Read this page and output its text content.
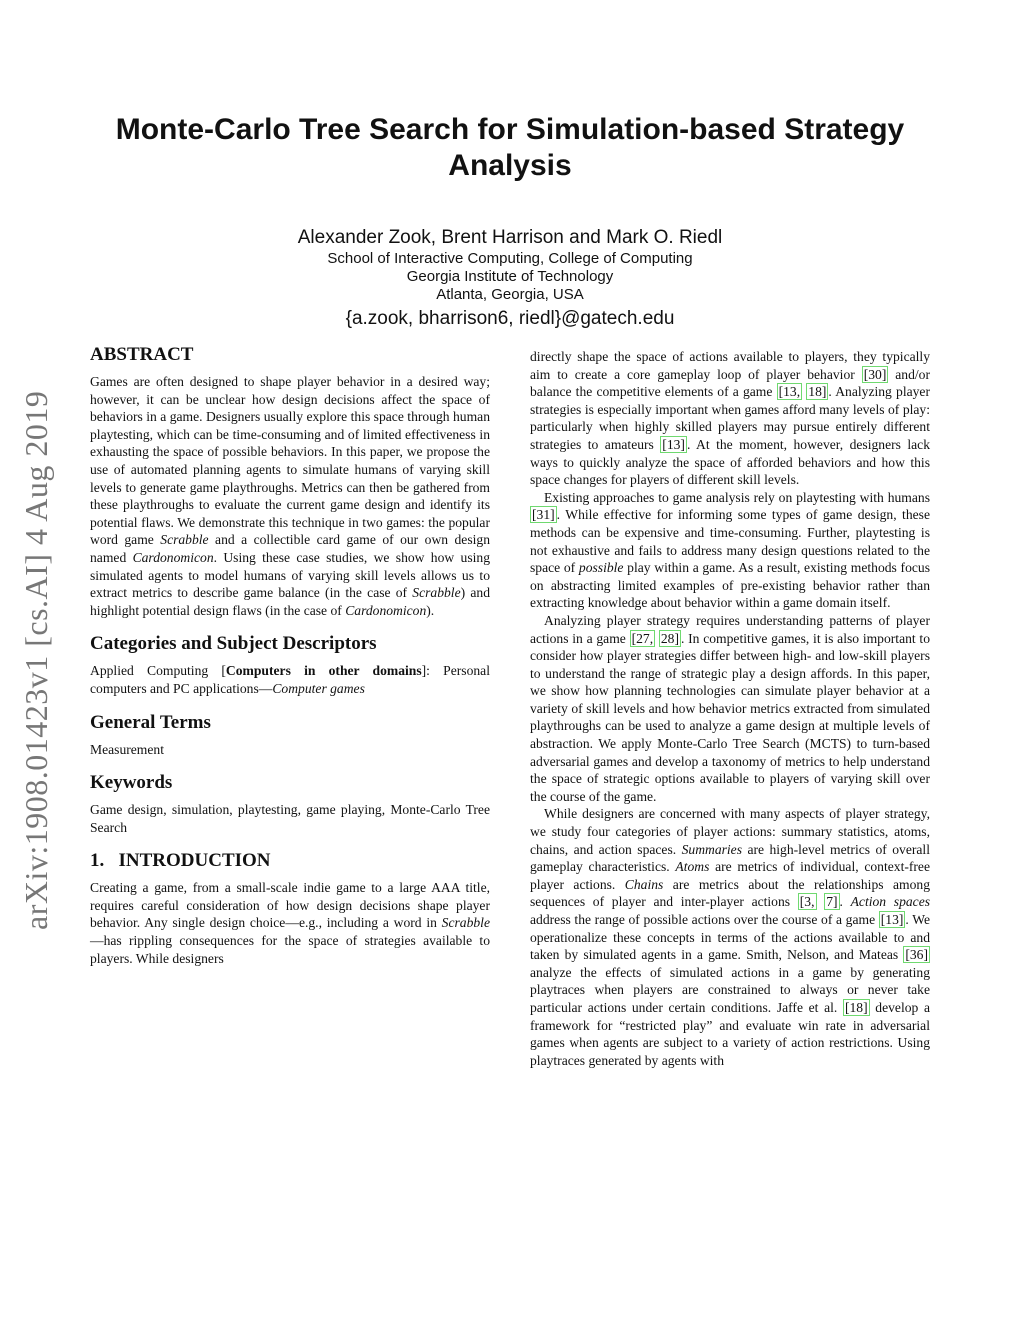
arXiv:1908.01423v1 [cs.AI] 4 Aug 2019
Monte-Carlo Tree Search for Simulation-based Strategy
Analysis
Alexander Zook, Brent Harrison and Mark O. Riedl
School of Interactive Computing, College of Computing
Georgia Institute of Technology
Atlanta, Georgia, USA
{a.zook, bharrison6, riedl}@gatech.edu
ABSTRACT

Games are often designed to shape player behavior in a desired way; however, it can be unclear how design decisions affect the space of behaviors in a game. Designers usually explore this space through human playtesting, which can be time-consuming and of limited effectiveness in exhausting the space of possible behaviors. In this paper, we propose the use of automated planning agents to simulate humans of varying skill levels to generate game playthroughs. Metrics can then be gathered from these playthroughs to evaluate the current game design and identify its potential flaws. We demonstrate this technique in two games: the popular word game Scrabble and a collectible card game of our own design named Cardonomicon. Using these case studies, we show how using simulated agents to model humans of varying skill levels allows us to extract metrics to describe game balance (in the case of Scrabble) and highlight potential design flaws (in the case of Cardonomicon).

Categories and Subject Descriptors

Applied Computing [Computers in other domains]: Personal computers and PC applications—Computer games

General Terms

Measurement

Keywords

Game design, simulation, playtesting, game playing, Monte-Carlo Tree Search

1.   INTRODUCTION

Creating a game, from a small-scale indie game to a large AAA title, requires careful consideration of how design decisions shape player behavior. Any single design choice—e.g., including a word in Scrabble—has rippling consequences for the space of strategies available to players. While designers

directly shape the space of actions available to players, they typically aim to create a core gameplay loop of player behavior [30] and/or balance the competitive elements of a game [13, 18] . Analyzing player strategies is especially important when games afford many levels of play: particularly when highly skilled players may pursue entirely different strategies to amateurs [13] . At the moment, however, designers lack ways to quickly analyze the space of afforded behaviors and how this space changes for players of different skill levels.

Existing approaches to game analysis rely on playtesting with humans [31] . While effective for informing some types of game design, these methods can be expensive and time-consuming. Further, playtesting is not exhaustive and fails to address many design questions related to the space of possible play within a game. As a result, existing methods focus on abstracting limited examples of pre-existing behavior rather than extracting knowledge about behavior within a game domain itself.

Analyzing player strategy requires understanding patterns of player actions in a game [27, 28] . In competitive games, it is also important to consider how player strategies differ between high- and low-skill players to understand the range of strategic play a design affords. In this paper, we show how planning technologies can simulate player behavior at a variety of skill levels and how behavior metrics extracted from simulated playthroughs can be used to analyze a game design at multiple levels of abstraction. We apply Monte-Carlo Tree Search (MCTS) to turn-based adversarial games and develop a taxonomy of metrics to help understand the space of strategic options available to players of varying skill over the course of the game.

While designers are concerned with many aspects of player strategy, we study four categories of player actions: summary statistics, atoms, chains, and action spaces. Summaries are high-level metrics of overall gameplay characteristics. Atoms are metrics of individual, context-free player actions. Chains are metrics about the relationships among sequences of player and inter-player actions [3, 7] . Action spaces address the range of possible actions over the course of a game [13] . We operationalize these concepts in terms of the actions available to and taken by simulated agents in a game. Smith, Nelson, and Mateas [36] analyze the effects of simulated actions in a game by generating playtraces when players are constrained to always or never take particular actions under certain conditions. Jaffe et al. [18] develop a framework for “restricted play” and evaluate win rate in adversarial games when agents are subject to a variety of action restrictions. Using playtraces generated by agents with
